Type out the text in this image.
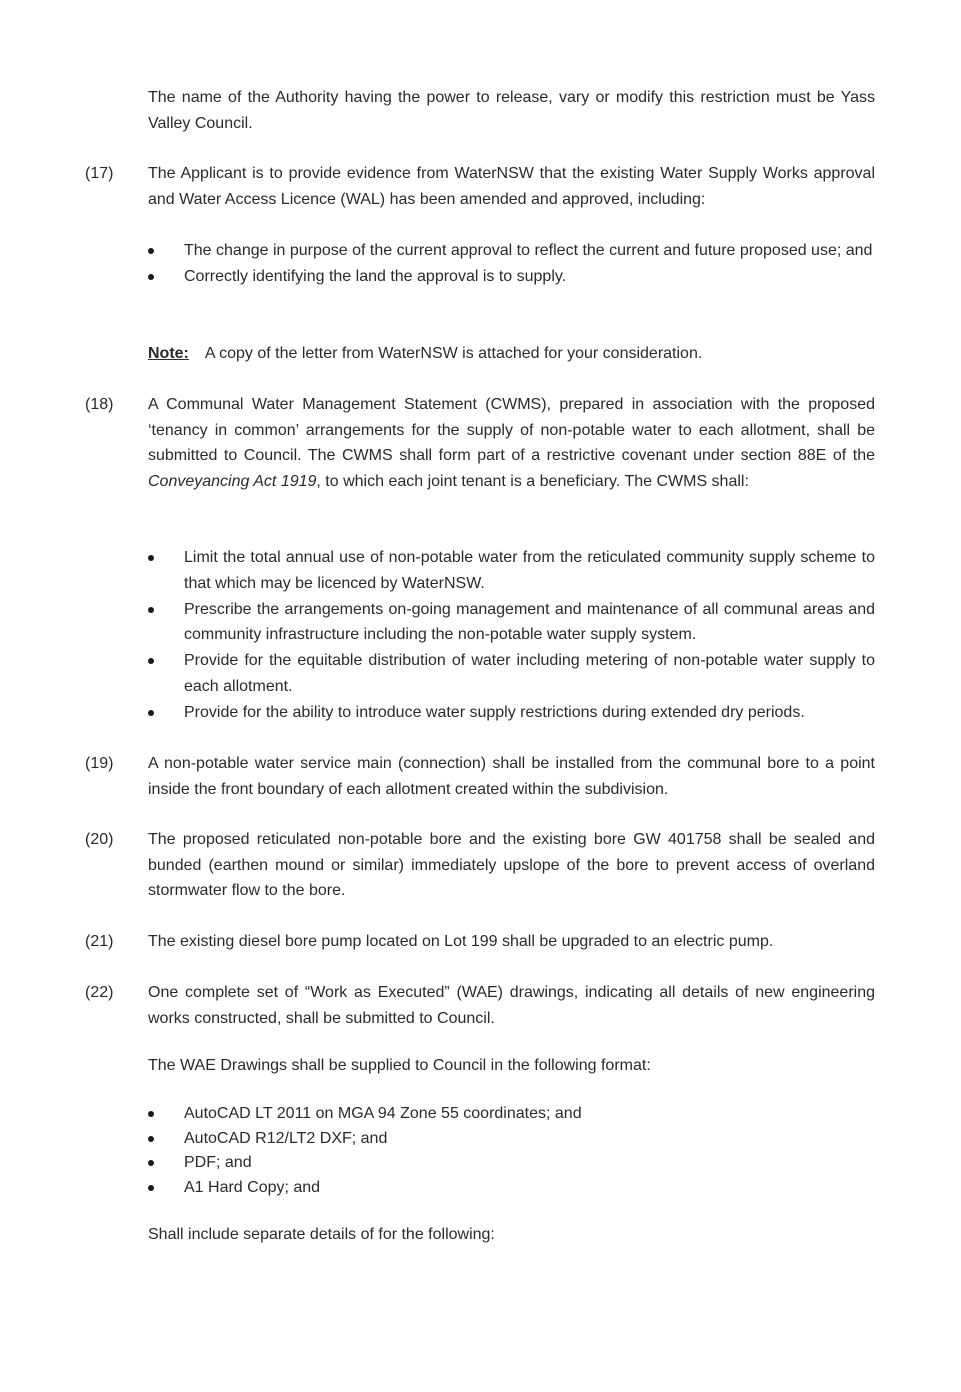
The name of the Authority having the power to release, vary or modify this restriction must be Yass Valley Council.

(17) The Applicant is to provide evidence from WaterNSW that the existing Water Supply Works approval and Water Access Licence (WAL) has been amended and approved, including:

The change in purpose of the current approval to reflect the current and future proposed use; and
Correctly identifying the land the approval is to supply.

Note: A copy of the letter from WaterNSW is attached for your consideration.

(18) A Communal Water Management Statement (CWMS), prepared in association with the proposed ‘tenancy in common’ arrangements for the supply of non-potable water to each allotment, shall be submitted to Council. The CWMS shall form part of a restrictive covenant under section 88E of the Conveyancing Act 1919, to which each joint tenant is a beneficiary. The CWMS shall:

Limit the total annual use of non-potable water from the reticulated community supply scheme to that which may be licenced by WaterNSW.
Prescribe the arrangements on-going management and maintenance of all communal areas and community infrastructure including the non-potable water supply system.
Provide for the equitable distribution of water including metering of non-potable water supply to each allotment.
Provide for the ability to introduce water supply restrictions during extended dry periods.
(19) A non-potable water service main (connection) shall be installed from the communal bore to a point inside the front boundary of each allotment created within the subdivision.

(20) The proposed reticulated non-potable bore and the existing bore GW 401758 shall be sealed and bunded (earthen mound or similar) immediately upslope of the bore to prevent access of overland stormwater flow to the bore.

(21) The existing diesel bore pump located on Lot 199 shall be upgraded to an electric pump.

(22) One complete set of “Work as Executed” (WAE) drawings, indicating all details of new engineering works constructed, shall be submitted to Council.

The WAE Drawings shall be supplied to Council in the following format:

AutoCAD LT 2011 on MGA 94 Zone 55 coordinates; and
AutoCAD R12/LT2 DXF; and
PDF; and
A1 Hard Copy; and

Shall include separate details of for the following:
